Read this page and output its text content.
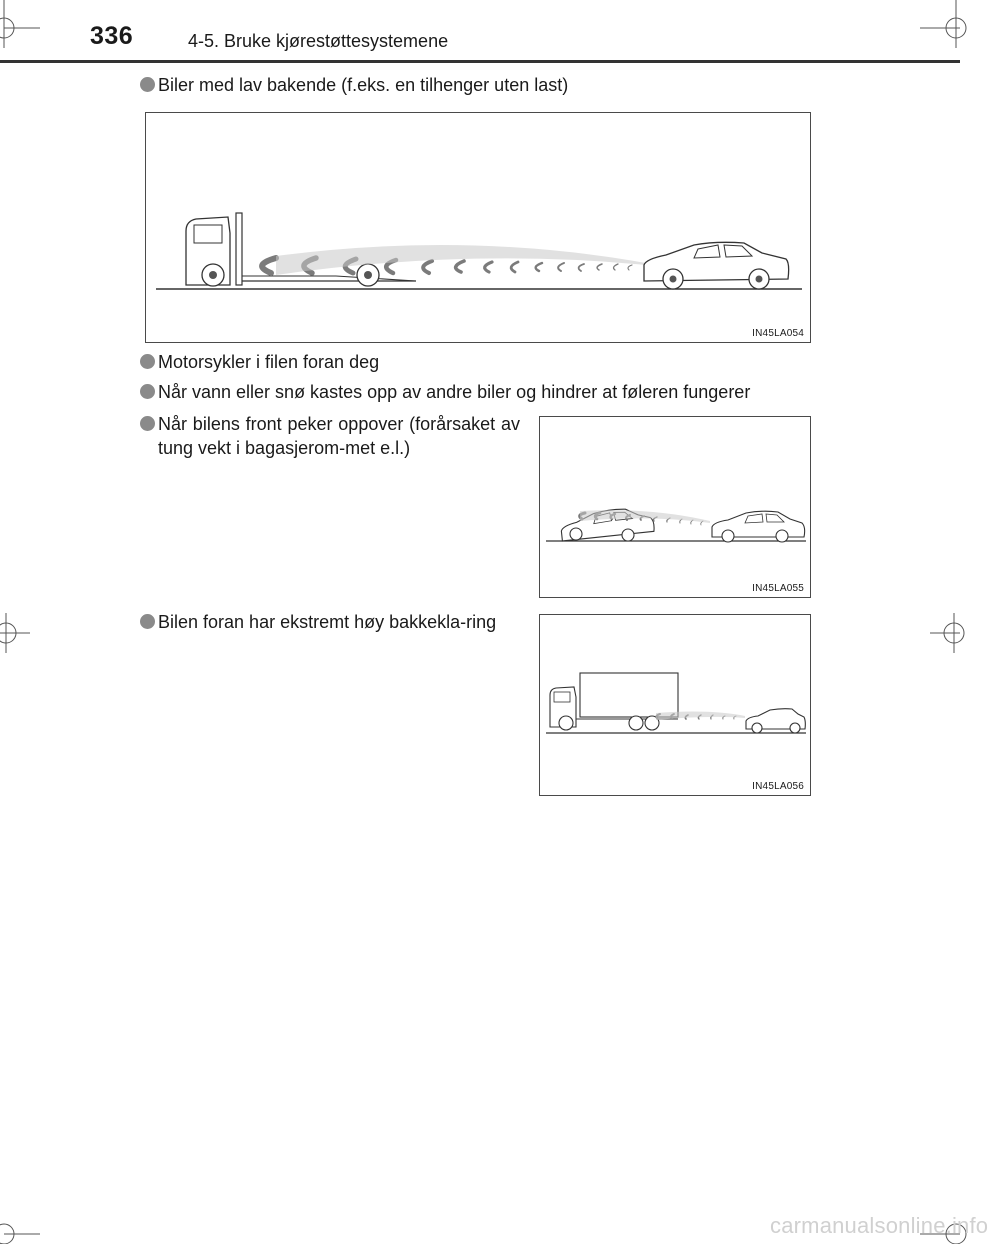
336	4-5. Bruke kjørestøttesystemene
Biler med lav bakende (f.eks. en tilhenger uten last)
IN45LA054
Motorsykler i filen foran deg
Når vann eller snø kastes opp av andre biler og hindrer at føleren fungerer
Når bilens front peker oppover (forårsaket av tung vekt i bagasjerom-met e.l.)
IN45LA055
Bilen foran har ekstremt høy bakkekla-ring
IN45LA056
carmanualsonline.info
